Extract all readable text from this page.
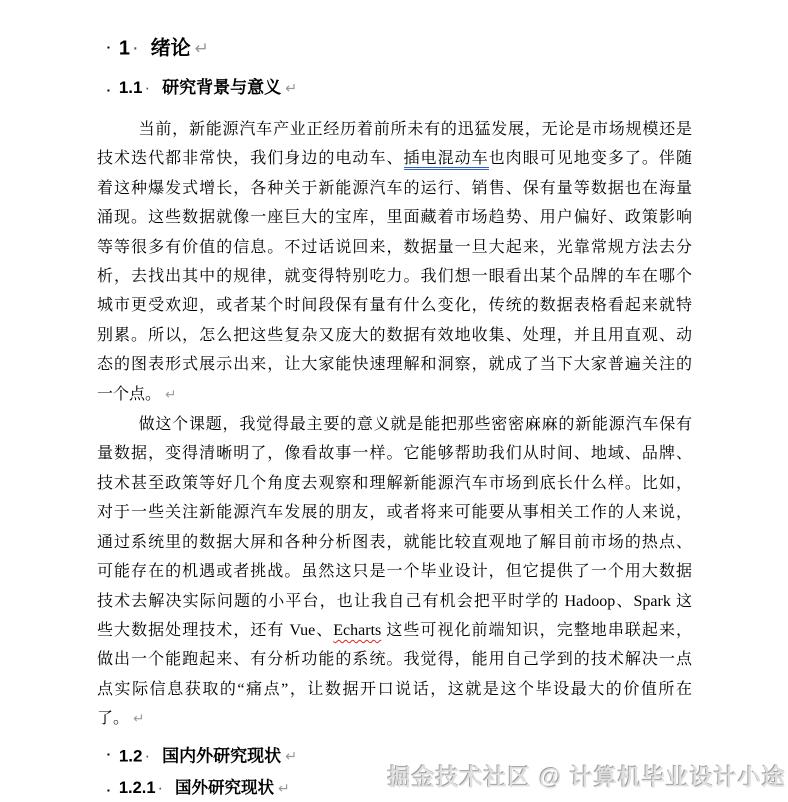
▪ 1 · 绪论 ↵
▪ 1.1 · 研究背景与意义 ↵
当前，新能源汽车产业正经历着前所未有的迅猛发展，无论是市场规模还是
技术迭代都非常快，我们身边的电动车、插电混动车也肉眼可见地变多了。伴随
着这种爆发式增长，各种关于新能源汽车的运行、销售、保有量等数据也在海量
涌现。这些数据就像一座巨大的宝库，里面藏着市场趋势、用户偏好、政策影响
等等很多有价值的信息。不过话说回来，数据量一旦大起来，光靠常规方法去分
析，去找出其中的规律，就变得特别吃力。我们想一眼看出某个品牌的车在哪个
城市更受欢迎，或者某个时间段保有量有什么变化，传统的数据表格看起来就特
别累。所以，怎么把这些复杂又庞大的数据有效地收集、处理，并且用直观、动
态的图表形式展示出来，让大家能快速理解和洞察，就成了当下大家普遍关注的
一个点。 ↵
做这个课题，我觉得最主要的意义就是能把那些密密麻麻的新能源汽车保有
量数据，变得清晰明了，像看故事一样。它能够帮助我们从时间、地域、品牌、
技术甚至政策等好几个角度去观察和理解新能源汽车市场到底长什么样。比如，
对于一些关注新能源汽车发展的朋友，或者将来可能要从事相关工作的人来说，
通过系统里的数据大屏和各种分析图表，就能比较直观地了解目前市场的热点、
可能存在的机遇或者挑战。虽然这只是一个毕业设计，但它提供了一个用大数据
技术去解决实际问题的小平台，也让我自己有机会把平时学的 Hadoop、Spark 这
些大数据处理技术，还有 Vue、Echarts 这些可视化前端知识，完整地串联起来，
做出一个能跑起来、有分析功能的系统。我觉得，能用自己学到的技术解决一点
点实际信息获取的“痛点”，让数据开口说话，这就是这个毕设最大的价值所在
了。 ↵
▪ 1.2 · 国内外研究现状 ↵
▪ 1.2.1 · 国外研究现状 ↵	掘金技术社区 @ 计算机毕业设计小途
